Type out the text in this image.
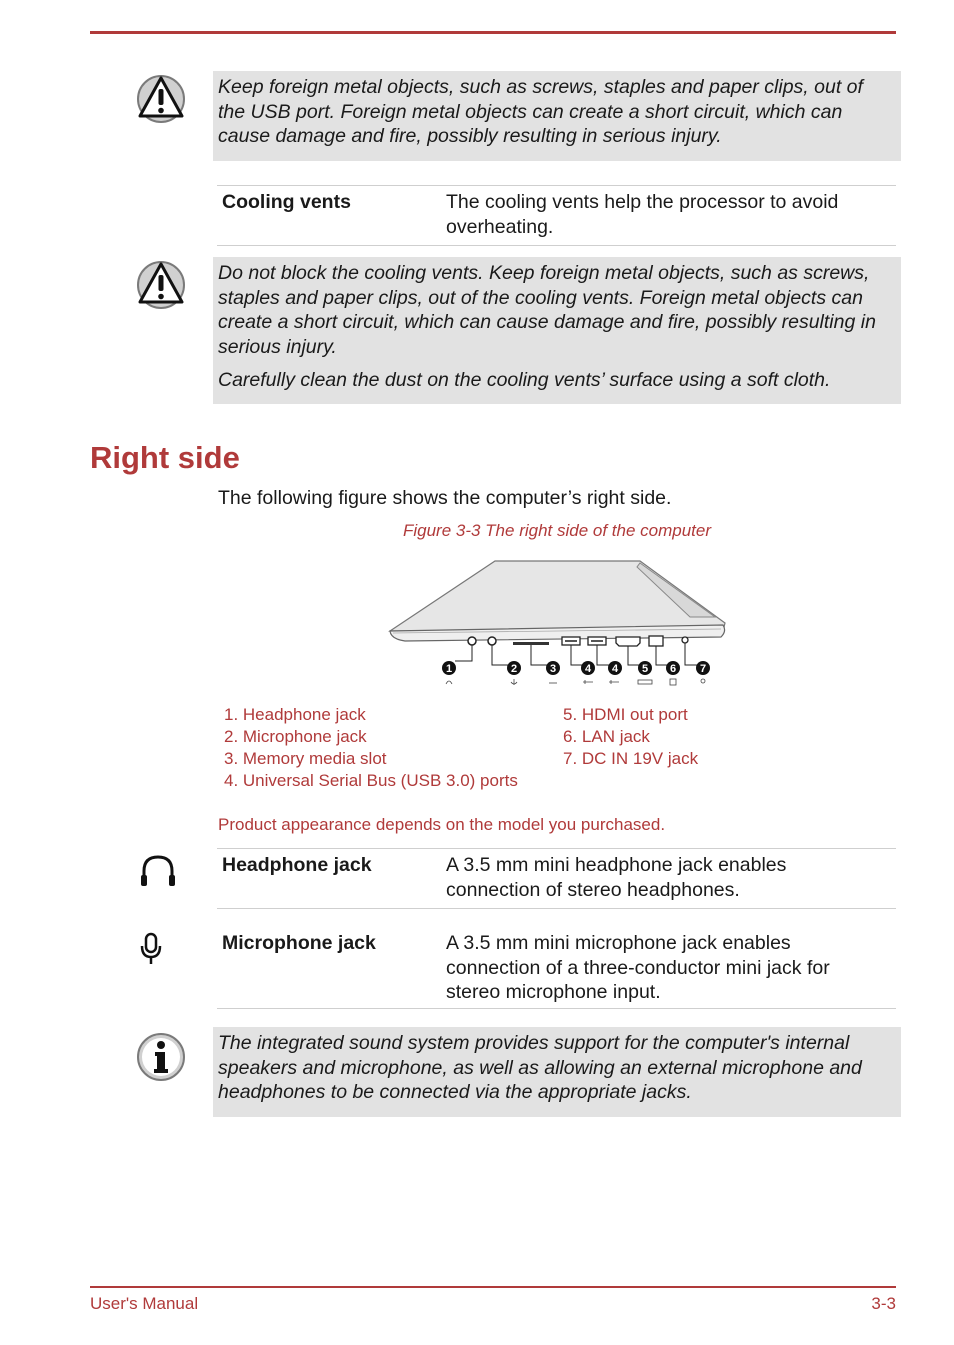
Keep foreign metal objects, such as screws, staples and paper clips, out of the USB port. Foreign metal objects can create a short circuit, which can cause damage and fire, possibly resulting in serious injury.

Cooling vents	The cooling vents help the processor to avoid overheating.

Do not block the cooling vents. Keep foreign metal objects, such as screws, staples and paper clips, out of the cooling vents. Foreign metal objects can create a short circuit, which can cause damage and fire, possibly resulting in serious injury.

Carefully clean the dust on the cooling vents’ surface using a soft cloth.

Right side
The following figure shows the computer’s right side.
Figure 3-3 The right side of the computer
1	2	3	4 4 5 6 7
1. Headphone jack
2. Microphone jack
3. Memory media slot
4. Universal Serial Bus (USB 3.0) ports
5. HDMI out port
6. LAN jack
7. DC IN 19V jack
Product appearance depends on the model you purchased.
Headphone jack	A 3.5 mm mini headphone jack enables connection of stereo headphones.
Microphone jack	A 3.5 mm mini microphone jack enables connection of a three-conductor mini jack for stereo microphone input.

The integrated sound system provides support for the computer's internal speakers and microphone, as well as allowing an external microphone and headphones to be connected via the appropriate jacks.

User's Manual	3-3
